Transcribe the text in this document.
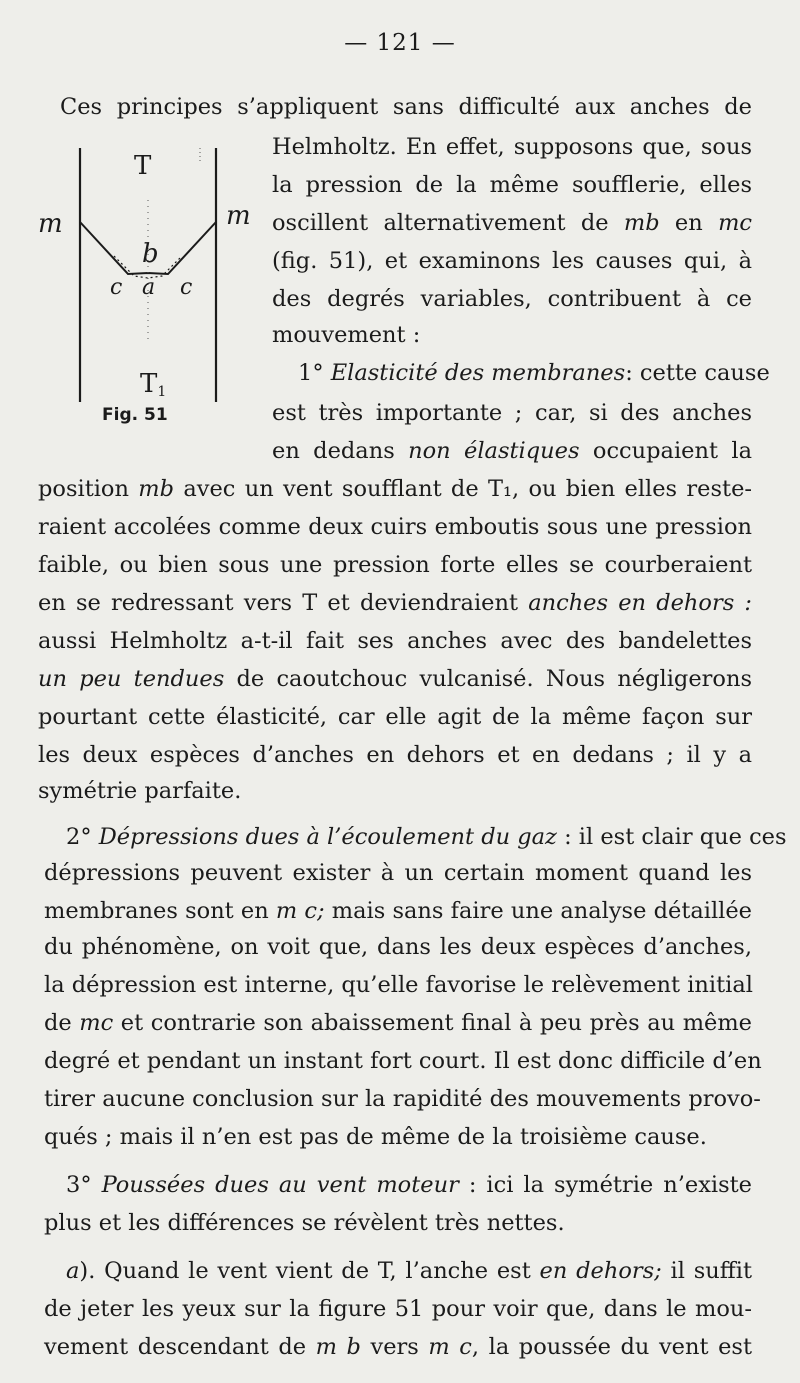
— 121 —
T
m	m
b
c a c
$T_1$
Fig. 51
Ces principes s’appliquent sans difficulté aux anches de
Helmholtz. En effet, supposons que, sous
la pression de la même soufflerie, elles
oscillent alternativement de mb en mc
(fig. 51), et examinons les causes qui, à
des degrés variables, contribuent à ce
mouvement :
1° Elasticité des membranes: cette cause
est très importante ; car, si des anches
en dedans non élastiques occupaient la
position mb avec un vent soufflant de T₁, ou bien elles reste-
raient accolées comme deux cuirs emboutis sous une pression
faible, ou bien sous une pression forte elles se courberaient
en se redressant vers T et deviendraient anches en dehors :
aussi Helmholtz a-t-il fait ses anches avec des bandelettes
un peu tendues de caoutchouc vulcanisé. Nous négligerons
pourtant cette élasticité, car elle agit de la même façon sur
les deux espèces d’anches en dehors et en dedans ; il y a
symétrie parfaite.
2° Dépressions dues à l’écoulement du gaz : il est clair que ces
dépressions peuvent exister à un certain moment quand les
membranes sont en m c; mais sans faire une analyse détaillée
du phénomène, on voit que, dans les deux espèces d’anches,
la dépression est interne, qu’elle favorise le relèvement initial
de mc et contrarie son abaissement final à peu près au même
degré et pendant un instant fort court. Il est donc difficile d’en
tirer aucune conclusion sur la rapidité des mouvements provo-
qués ; mais il n’en est pas de même de la troisième cause.
3° Poussées dues au vent moteur : ici la symétrie n’existe
plus et les différences se révèlent très nettes.
a). Quand le vent vient de T, l’anche est en dehors; il suffit
de jeter les yeux sur la figure 51 pour voir que, dans le mou-
vement descendant de m b vers m c, la poussée du vent est
